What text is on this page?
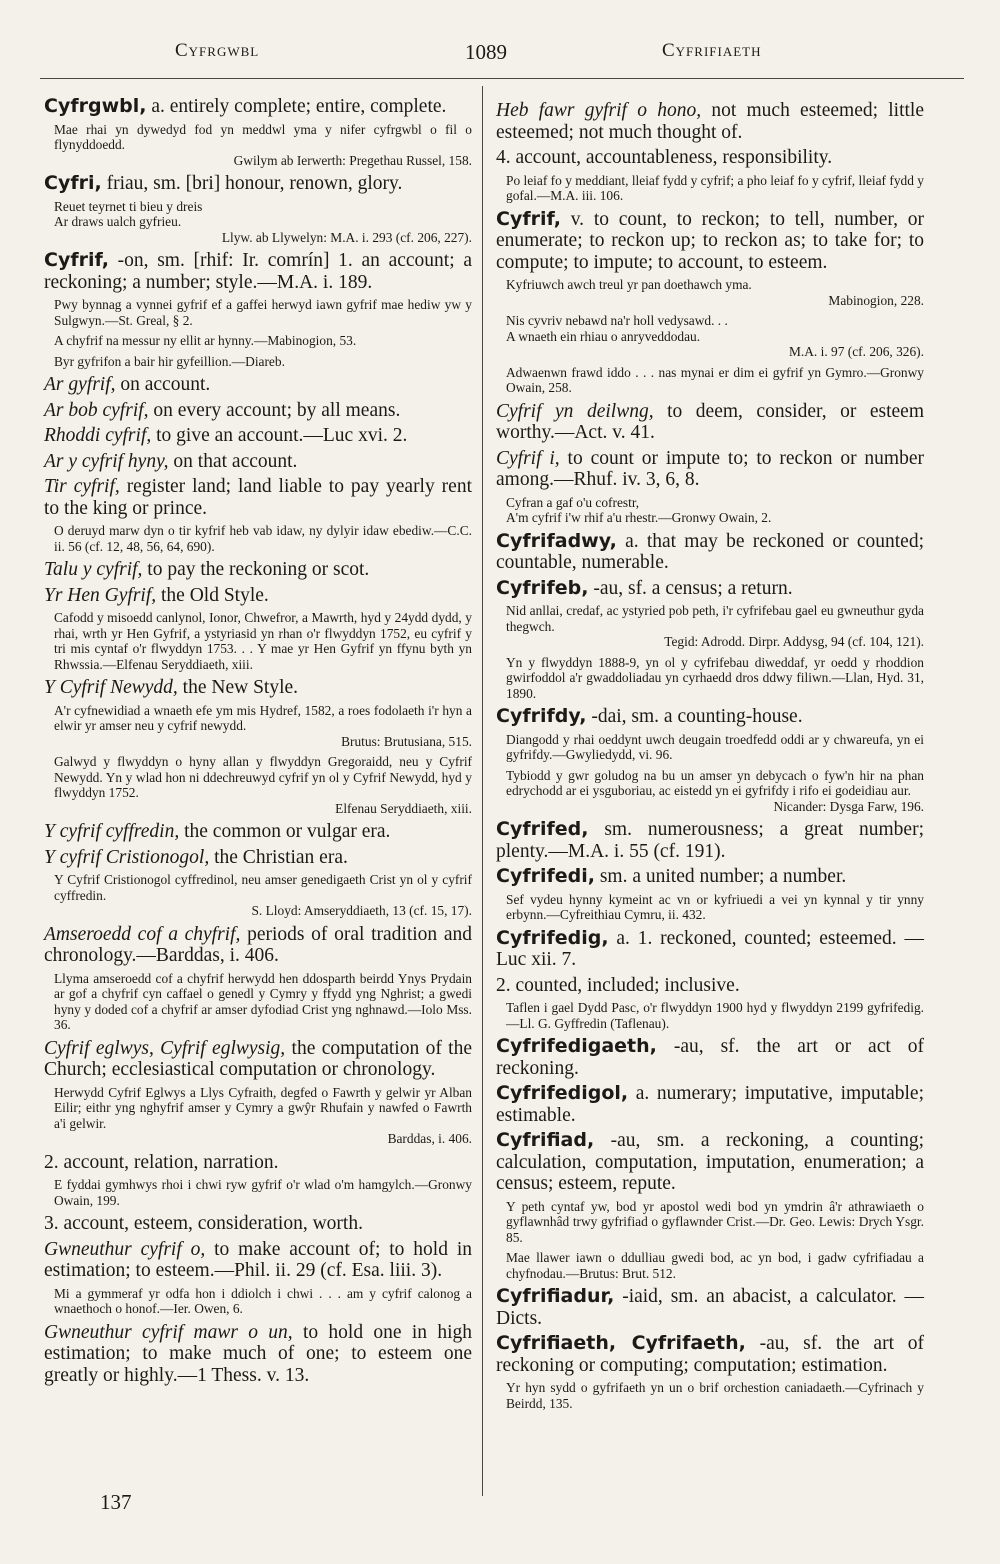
Cyfrgwbl	1089	Cyfrifiaeth
Cyfrgwbl, a. entirely complete; entire, complete.
Mae rhai yn dywedyd fod yn meddwl yma y nifer cyfrgwbl o fil o flynyddoedd.
Gwilym ab Ierwerth: Pregethau Russel, 158.
Cyfri, friau, sm. [bri] honour, renown, glory.
Reuet teyrnet ti bieu y dreis
Ar draws ualch gyfrieu.
Llyw. ab Llywelyn: M.A. i. 293 (cf. 206, 227).
Cyfrif, -on, sm. [rhif: Ir. comrín] 1. an account; a reckoning; a number; style.—M.A. i. 189.
Pwy bynnag a vynnei gyfrif ef a gaffei herwyd iawn gyfrif mae hediw yw y Sulgwyn.—St. Greal, § 2.
A chyfrif na messur ny ellit ar hynny.—Mabinogion, 53.
Byr gyfrifon a bair hir gyfeillion.—Diareb.
Ar gyfrif, on account.
Ar bob cyfrif, on every account; by all means.
Rhoddi cyfrif, to give an account.—Luc xvi. 2.
Ar y cyfrif hyny, on that account.
Tir cyfrif, register land; land liable to pay yearly rent to the king or prince.
O deruyd marw dyn o tir kyfrif heb vab idaw, ny dylyir idaw ebediw.—C.C. ii. 56 (cf. 12, 48, 56, 64, 690).
Talu y cyfrif, to pay the reckoning or scot.
Yr Hen Gyfrif, the Old Style.
Cafodd y misoedd canlynol, Ionor, Chwefror, a Mawrth, hyd y 24ydd dydd, y rhai, wrth yr Hen Gyfrif, a ystyriasid yn rhan o'r flwyddyn 1752, eu cyfrif y tri mis cyntaf o'r flwyddyn 1753. . . Y mae yr Hen Gyfrif yn ffynu byth yn Rhwssia.—Elfenau Seryddiaeth, xiii.
Y Cyfrif Newydd, the New Style.
A'r cyfnewidiad a wnaeth efe ym mis Hydref, 1582, a roes fodolaeth i'r hyn a elwir yr amser neu y cyfrif newydd.
Brutus: Brutusiana, 515.
Galwyd y flwyddyn o hyny allan y flwyddyn Gregoraidd, neu y Cyfrif Newydd. Yn y wlad hon ni ddechreuwyd cyfrif yn ol y Cyfrif Newydd, hyd y flwyddyn 1752.
Elfenau Seryddiaeth, xiii.
Y cyfrif cyffredin, the common or vulgar era.
Y cyfrif Cristionogol, the Christian era.
Y Cyfrif Cristionogol cyffredinol, neu amser genedigaeth Crist yn ol y cyfrif cyffredin.
S. Lloyd: Amseryddiaeth, 13 (cf. 15, 17).
Amseroedd cof a chyfrif, periods of oral tradition and chronology.—Barddas, i. 406.
Llyma amseroedd cof a chyfrif herwydd hen ddosparth beirdd Ynys Prydain ar gof a chyfrif cyn caffael o genedl y Cymry y ffydd yng Nghrist; a gwedi hyny y doded cof a chyfrif ar amser dyfodiad Crist yng nghnawd.—Iolo Mss. 36.
Cyfrif eglwys, Cyfrif eglwysig, the computation of the Church; ecclesiastical computation or chronology.
Herwydd Cyfrif Eglwys a Llys Cyfraith, degfed o Fawrth y gelwir yr Alban Eilir; eithr yng nghyfrif amser y Cymry a gwŷr Rhufain y nawfed o Fawrth a'i gelwir.
Barddas, i. 406.
2. account, relation, narration.
E fyddai gymhwys rhoi i chwi ryw gyfrif o'r wlad o'm hamgylch.—Gronwy Owain, 199.
3. account, esteem, consideration, worth.
Gwneuthur cyfrif o, to make account of; to hold in estimation; to esteem.—Phil. ii. 29 (cf. Esa. liii. 3).
Mi a gymmeraf yr odfa hon i ddiolch i chwi . . . am y cyfrif calonog a wnaethoch o honof.—Ier. Owen, 6.
Gwneuthur cyfrif mawr o un, to hold one in high estimation; to make much of one; to esteem one greatly or highly.—1 Thess. v. 13.
Heb fawr gyfrif o hono, not much esteemed; little esteemed; not much thought of.
4. account, accountableness, responsibility.
Po leiaf fo y meddiant, lleiaf fydd y cyfrif; a pho leiaf fo y cyfrif, lleiaf fydd y gofal.—M.A. iii. 106.
Cyfrif, v. to count, to reckon; to tell, number, or enumerate; to reckon up; to reckon as; to take for; to compute; to impute; to account, to esteem.
Kyfriuwch awch treul yr pan doethawch yma.
Mabinogion, 228.
Nis cyvriv nebawd na'r holl vedysawd. . .
A wnaeth ein rhiau o anryveddodau.
M.A. i. 97 (cf. 206, 326).
Adwaenwn frawd iddo . . . nas mynai er dim ei gyfrif yn Gymro.—Gronwy Owain, 258.
Cyfrif yn deilwng, to deem, consider, or esteem worthy.—Act. v. 41.
Cyfrif i, to count or impute to; to reckon or number among.—Rhuf. iv. 3, 6, 8.
Cyfran a gaf o'u cofrestr,
A'm cyfrif i'w rhif a'u rhestr.—Gronwy Owain, 2.
Cyfrifadwy, a. that may be reckoned or counted; countable, numerable.
Cyfrifeb, -au, sf. a census; a return.
Nid anllai, credaf, ac ystyried pob peth, i'r cyfrifebau gael eu gwneuthur gyda thegwch.
Tegid: Adrodd. Dirpr. Addysg, 94 (cf. 104, 121).
Yn y flwyddyn 1888-9, yn ol y cyfrifebau diweddaf, yr oedd y rhoddion gwirfoddol a'r gwaddoliadau yn cyrhaedd dros ddwy filiwn.—Llan, Hyd. 31, 1890.
Cyfrifdy, -dai, sm. a counting-house.
Diangodd y rhai oeddynt uwch deugain troedfedd oddi ar y chwareufa, yn ei gyfrifdy.—Gwyliedydd, vi. 96.
Tybiodd y gwr goludog na bu un amser yn debycach o fyw'n hir na phan edrychodd ar ei ysguboriau, ac eistedd yn ei gyfrifdy i rifo ei godeidiau aur.
Nicander: Dysga Farw, 196.
Cyfrifed, sm. numerousness; a great number; plenty.—M.A. i. 55 (cf. 191).
Cyfrifedi, sm. a united number; a number.
Sef vydeu hynny kymeint ac vn or kyfriuedi a vei yn kynnal y tir ynny erbynn.—Cyfreithiau Cymru, ii. 432.
Cyfrifedig, a. 1. reckoned, counted; esteemed. —Luc xii. 7.
2. counted, included; inclusive.
Taflen i gael Dydd Pasc, o'r flwyddyn 1900 hyd y flwyddyn 2199 gyfrifedig.—Ll. G. Gyffredin (Taflenau).
Cyfrifedigaeth, -au, sf. the art or act of reckoning.
Cyfrifedigol, a. numerary; imputative, imputable; estimable.
Cyfrifiad, -au, sm. a reckoning, a counting; calculation, computation, imputation, enumeration; a census; esteem, repute.
Y peth cyntaf yw, bod yr apostol wedi bod yn ymdrin â'r athrawiaeth o gyflawnhâd trwy gyfrifiad o gyflawnder Crist.—Dr. Geo. Lewis: Drych Ysgr. 85.
Mae llawer iawn o ddulliau gwedi bod, ac yn bod, i gadw cyfrifiadau a chyfnodau.—Brutus: Brut. 512.
Cyfrifiadur, -iaid, sm. an abacist, a calculator. —Dicts.
Cyfrifiaeth, Cyfrifaeth, -au, sf. the art of reckoning or computing; computation; estimation.
Yr hyn sydd o gyfrifaeth yn un o brif orchestion caniadaeth.—Cyfrinach y Beirdd, 135.
137
